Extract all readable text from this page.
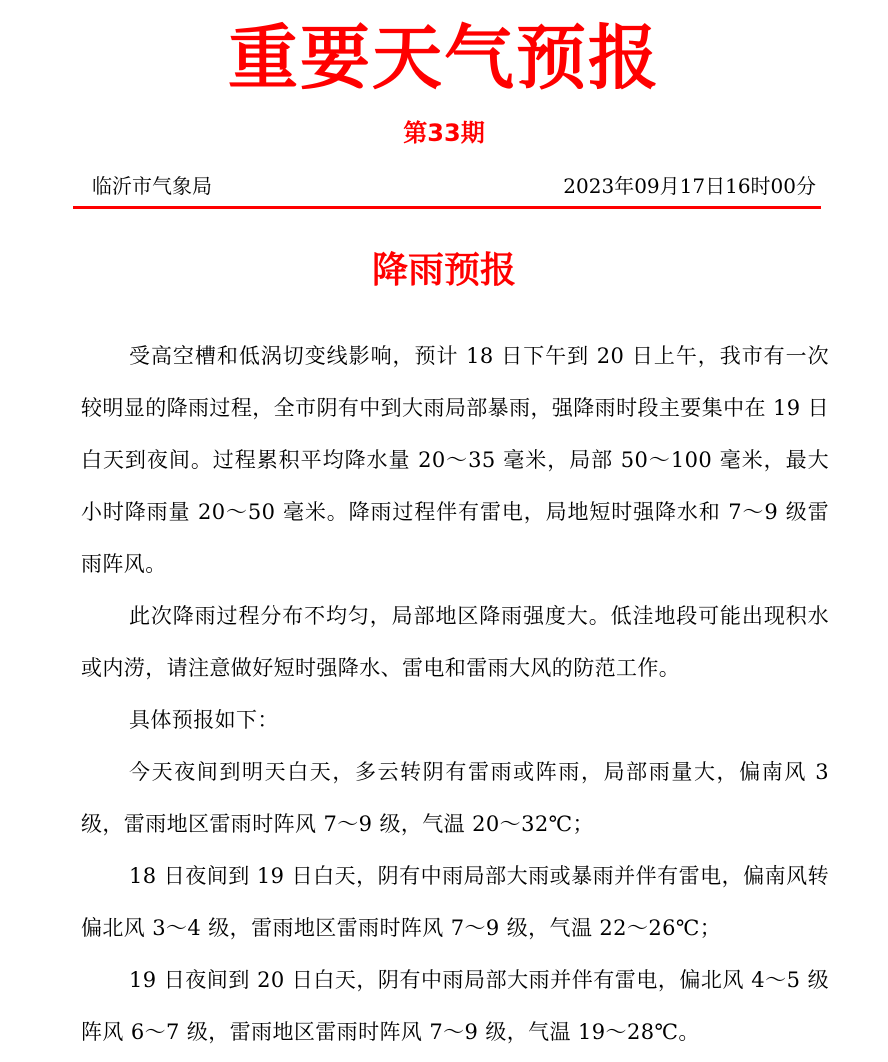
重要天气预报
第33期
临沂市气象局	2023年09月17日16时00分
降雨预报

受高空槽和低涡切变线影响，预计 18 日下午到 20 日上午，我市有一次较明显的降雨过程，全市阴有中到大雨局部暴雨，强降雨时段主要集中在 19 日白天到夜间。过程累积平均降水量 20～35 毫米，局部 50～100 毫米，最大小时降雨量 20～50 毫米。降雨过程伴有雷电，局地短时强降水和 7～9 级雷雨阵风。

此次降雨过程分布不均匀，局部地区降雨强度大。低洼地段可能出现积水或内涝，请注意做好短时强降水、雷电和雷雨大风的防范工作。

具体预报如下：

今天夜间到明天白天，多云转阴有雷雨或阵雨，局部雨量大，偏南风 3 级，雷雨地区雷雨时阵风 7～9 级，气温 20～32℃；

18 日夜间到 19 日白天，阴有中雨局部大雨或暴雨并伴有雷电，偏南风转偏北风 3～4 级，雷雨地区雷雨时阵风 7～9 级，气温 22～26℃；

19 日夜间到 20 日白天，阴有中雨局部大雨并伴有雷电，偏北风 4～5 级阵风 6～7 级，雷雨地区雷雨时阵风 7～9 级，气温 19～28℃。
